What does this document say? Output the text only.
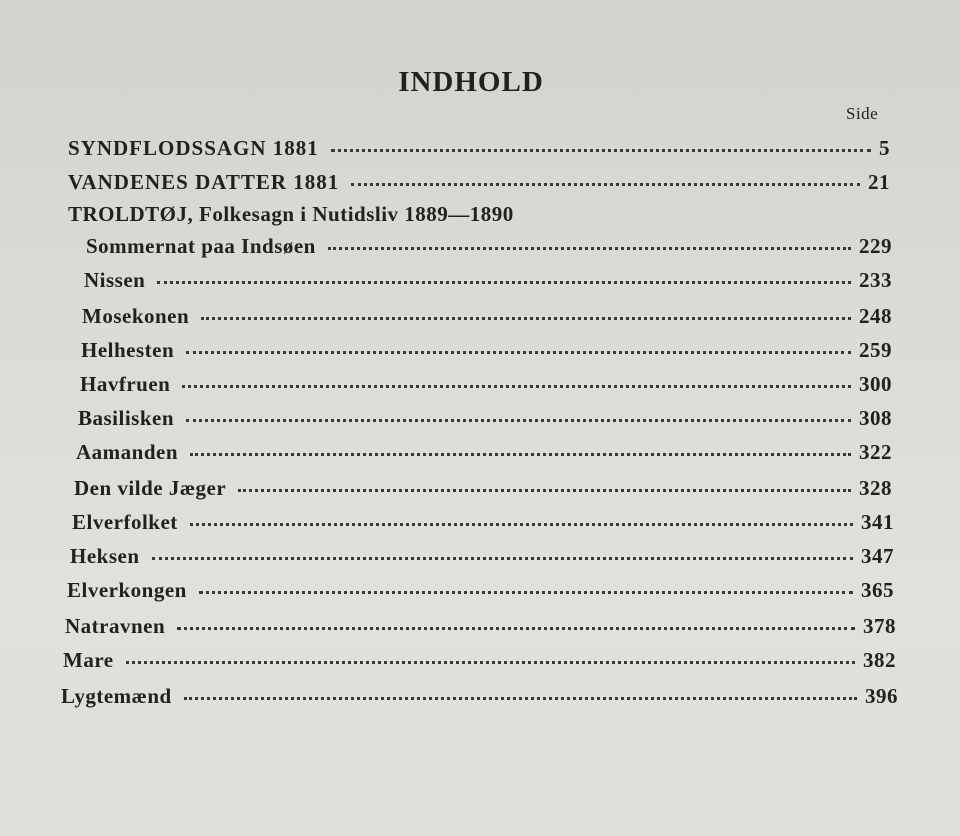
INDHOLD
Side
SYNDFLODSSAGN 1881	5
VANDENES DATTER 1881	21
TROLDTØJ, Folkesagn i Nutidsliv 1889—1890
Sommernat paa Indsøen	229
Nissen	233
Mosekonen	248
Helhesten	259
Havfruen	300
Basilisken	308
Aamanden	322
Den vilde Jæger	328
Elverfolket	341
Heksen	347
Elverkongen	365
Natravnen	378
Mare	382
Lygtemænd	396
